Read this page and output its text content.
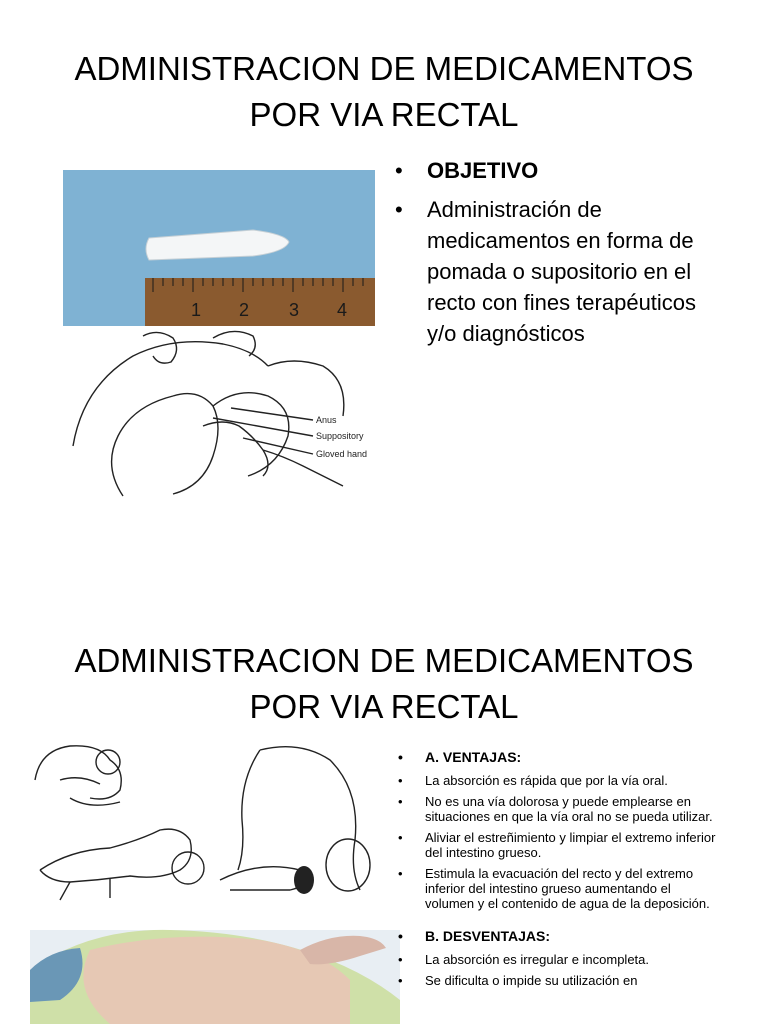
ADMINISTRACION DE MEDICAMENTOS
POR VIA RECTAL
1 2 3 4
Anus
Suppository
Gloved hand
• OBJETIVO
• Administración de medicamentos en forma de pomada o supositorio en el recto con fines terapéuticos y/o diagnósticos
ADMINISTRACION DE MEDICAMENTOS
POR VIA RECTAL
• A. VENTAJAS:
• La absorción es rápida que por la vía oral.
• No es una vía dolorosa y puede emplearse en situaciones en que la vía oral no se pueda utilizar.
• Aliviar el estreñimiento y limpiar el extremo inferior del intestino grueso.
• Estimula la evacuación del recto y del extremo inferior del intestino grueso aumentando el volumen y el contenido de agua de la deposición.
• B. DESVENTAJAS:
• La absorción es irregular e incompleta.
• Se dificulta o impide su utilización en
